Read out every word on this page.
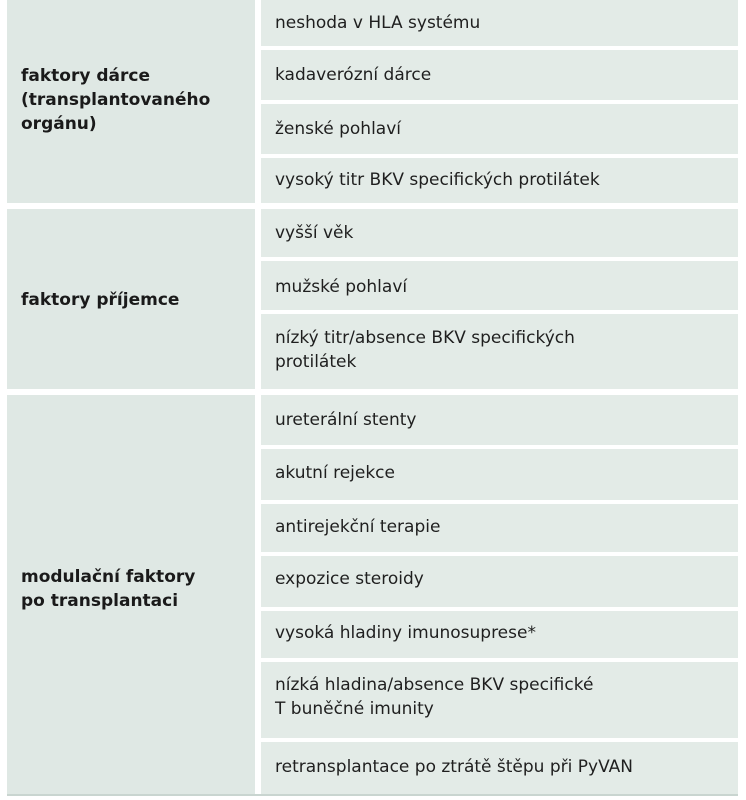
faktory dárce
(transplantovaného
orgánu)
neshoda v HLA systému
kadaverózní dárce
ženské pohlaví
vysoký titr BKV specifických protilátek
faktory příjemce
vyšší věk
mužské pohlaví
nízký titr/absence BKV specifických
protilátek
modulační faktory
po transplantaci
ureterální stenty
akutní rejekce
antirejekční terapie
expozice steroidy
vysoká hladiny imunosuprese*
nízká hladina/absence BKV specifické
T buněčné imunity
retransplantace po ztrátě štěpu při PyVAN
